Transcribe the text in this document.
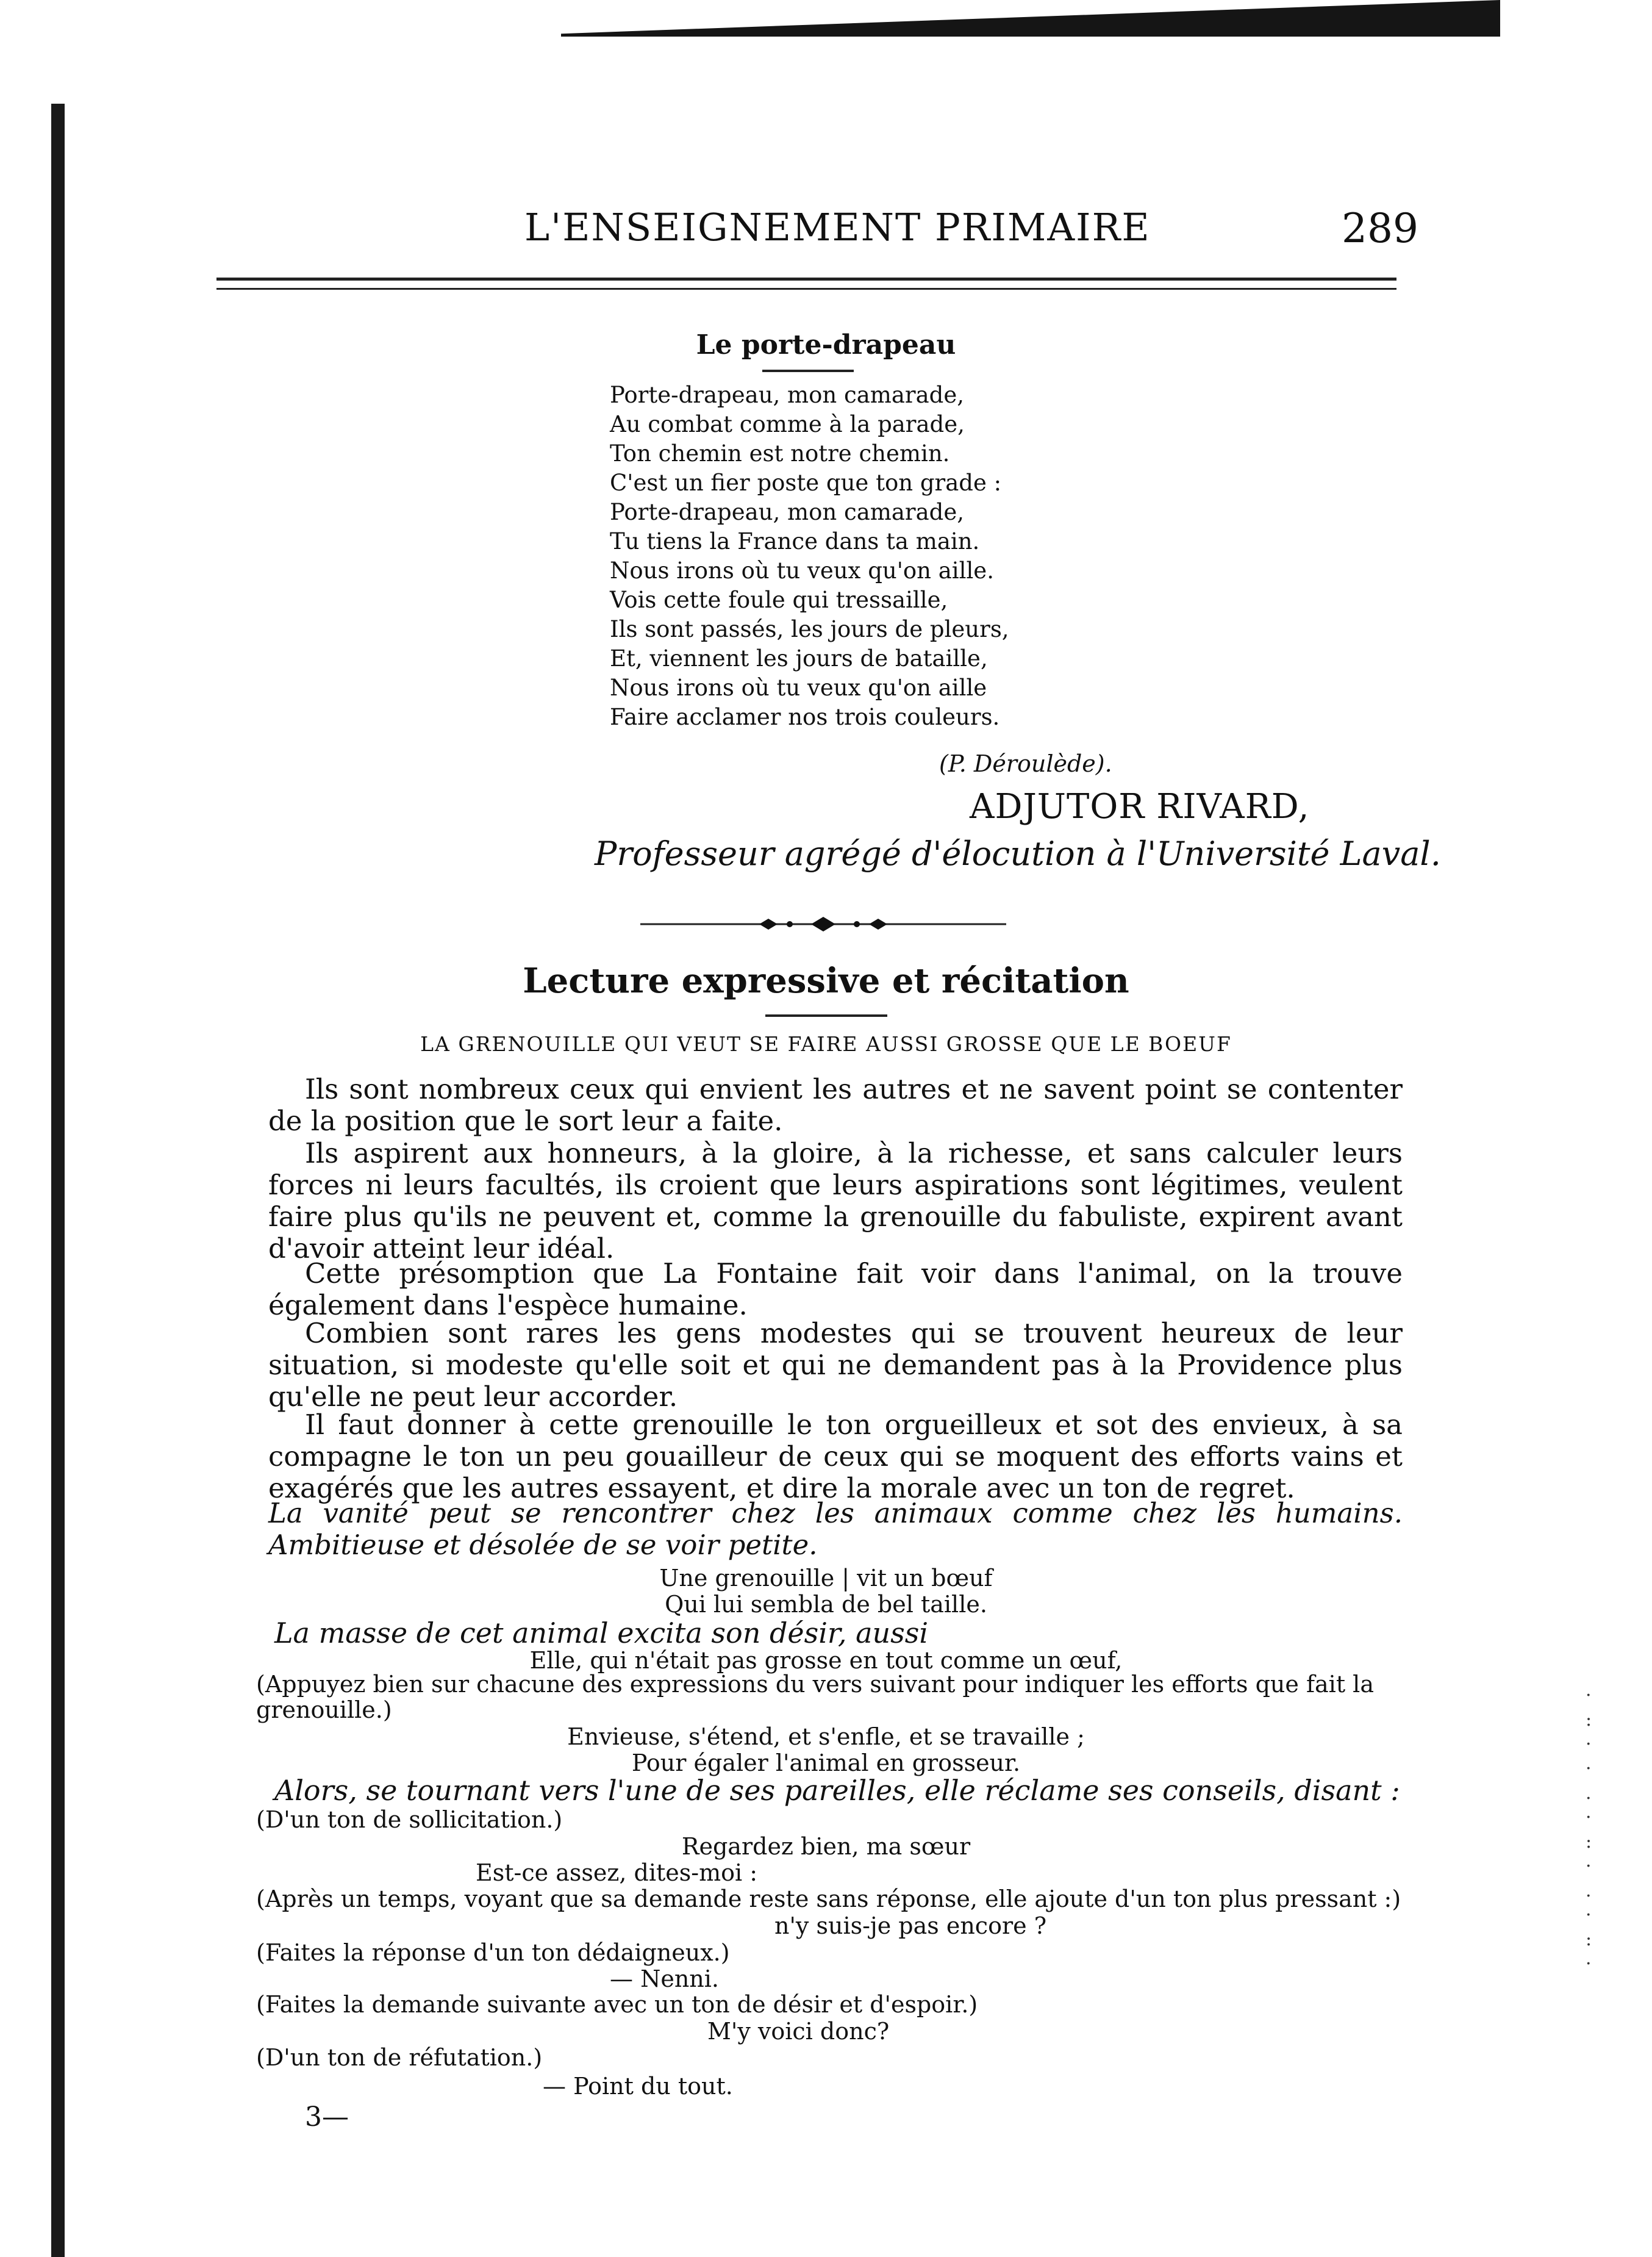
L'ENSEIGNEMENT PRIMAIRE	289
Le porte-drapeau
Porte-drapeau, mon camarade,
Au combat comme à la parade,
Ton chemin est notre chemin.
C'est un fier poste que ton grade :
Porte-drapeau, mon camarade,
Tu tiens la France dans ta main.
Nous irons où tu veux qu'on aille.
Vois cette foule qui tressaille,
Ils sont passés, les jours de pleurs,
Et, viennent les jours de bataille,
Nous irons où tu veux qu'on aille
Faire acclamer nos trois couleurs.
(P. Déroulède).
ADJUTOR RIVARD,
Professeur agrégé d'élocution à l'Université Laval.
Lecture expressive et récitation
LA GRENOUILLE QUI VEUT SE FAIRE AUSSI GROSSE QUE LE BOEUF
Ils sont nombreux ceux qui envient les autres et ne savent point se contenter de la position que le sort leur a faite.
Ils aspirent aux honneurs, à la gloire, à la richesse, et sans calculer leurs forces ni leurs facultés, ils croient que leurs aspirations sont légitimes, veulent faire plus qu'ils ne peuvent et, comme la grenouille du fabuliste, expirent avant d'avoir atteint leur idéal.
Cette présomption que La Fontaine fait voir dans l'animal, on la trouve également dans l'espèce humaine.
Combien sont rares les gens modestes qui se trouvent heureux de leur situation, si modeste qu'elle soit et qui ne demandent pas à la Providence plus qu'elle ne peut leur accorder.
Il faut donner à cette grenouille le ton orgueilleux et sot des envieux, à sa compagne le ton un peu gouailleur de ceux qui se moquent des efforts vains et exagérés que les autres essayent, et dire la morale avec un ton de regret.
La vanité peut se rencontrer chez les animaux comme chez les humains. Ambitieuse et désolée de se voir petite.
Une grenouille | vit un bœuf
Qui lui sembla de bel taille.
La masse de cet animal excita son désir, aussi
Elle, qui n'était pas grosse en tout comme un œuf,
(Appuyez bien sur chacune des expressions du vers suivant pour indiquer les efforts que fait la grenouille.)
Envieuse, s'étend, et s'enfle, et se travaille ;
Pour égaler l'animal en grosseur.
Alors, se tournant vers l'une de ses pareilles, elle réclame ses conseils, disant :
(D'un ton de sollicitation.)
Regardez bien, ma sœur
Est-ce assez, dites-moi :
(Après un temps, voyant que sa demande reste sans réponse, elle ajoute d'un ton plus pressant :)
n'y suis-je pas encore ?
(Faites la réponse d'un ton dédaigneux.)
— Nenni.
(Faites la demande suivante avec un ton de désir et d'espoir.)
M'y voici donc?
(D'un ton de réfutation.)
— Point du tout.
3—
·
:
·
·
.
·
:
·
.
·
:
·
